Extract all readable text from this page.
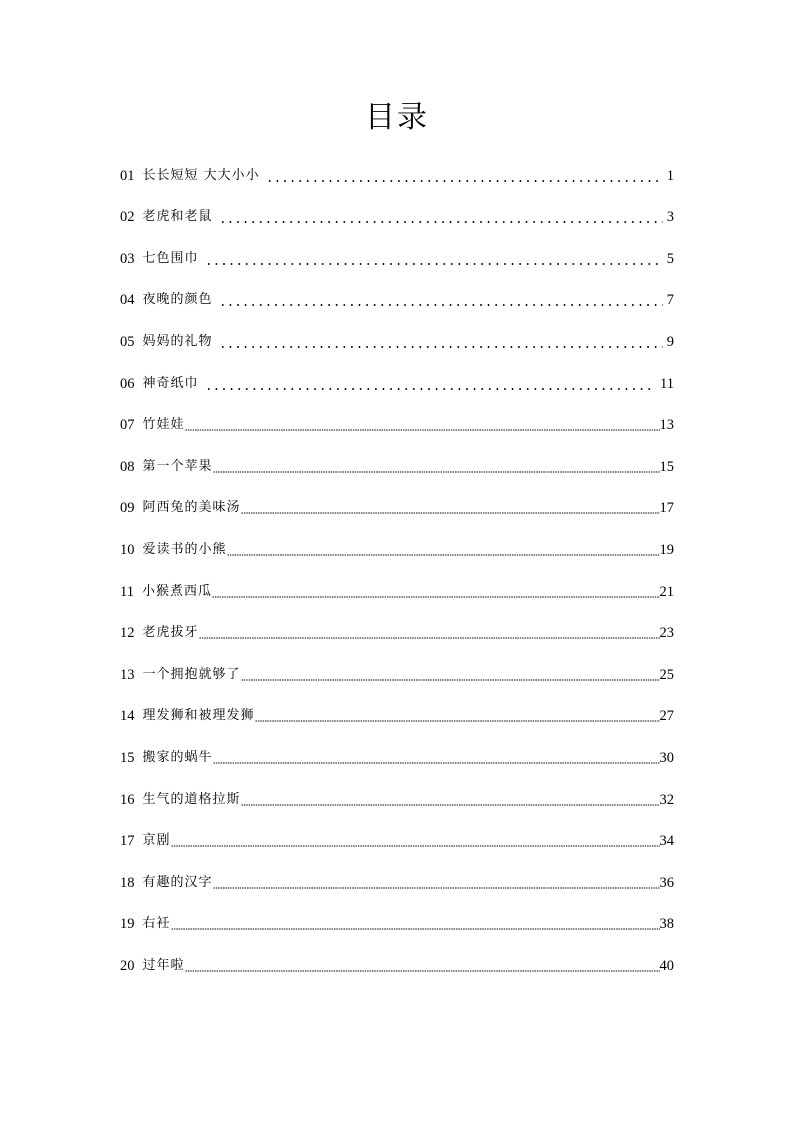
目录
01 长长短短 大大小小	1
02 老虎和老鼠	3
03 七色围巾	5
04 夜晚的颜色	7
05 妈妈的礼物	9
06 神奇纸巾	11
07 竹娃娃	13
08 第一个苹果	15
09 阿西兔的美味汤	17
10 爱读书的小熊	19
11 小猴煮西瓜	21
12 老虎拔牙	23
13 一个拥抱就够了	25
14 理发狮和被理发狮	27
15 搬家的蜗牛	30
16 生气的道格拉斯	32
17 京剧	34
18 有趣的汉字	36
19 右衽	38
20 过年啦	40
